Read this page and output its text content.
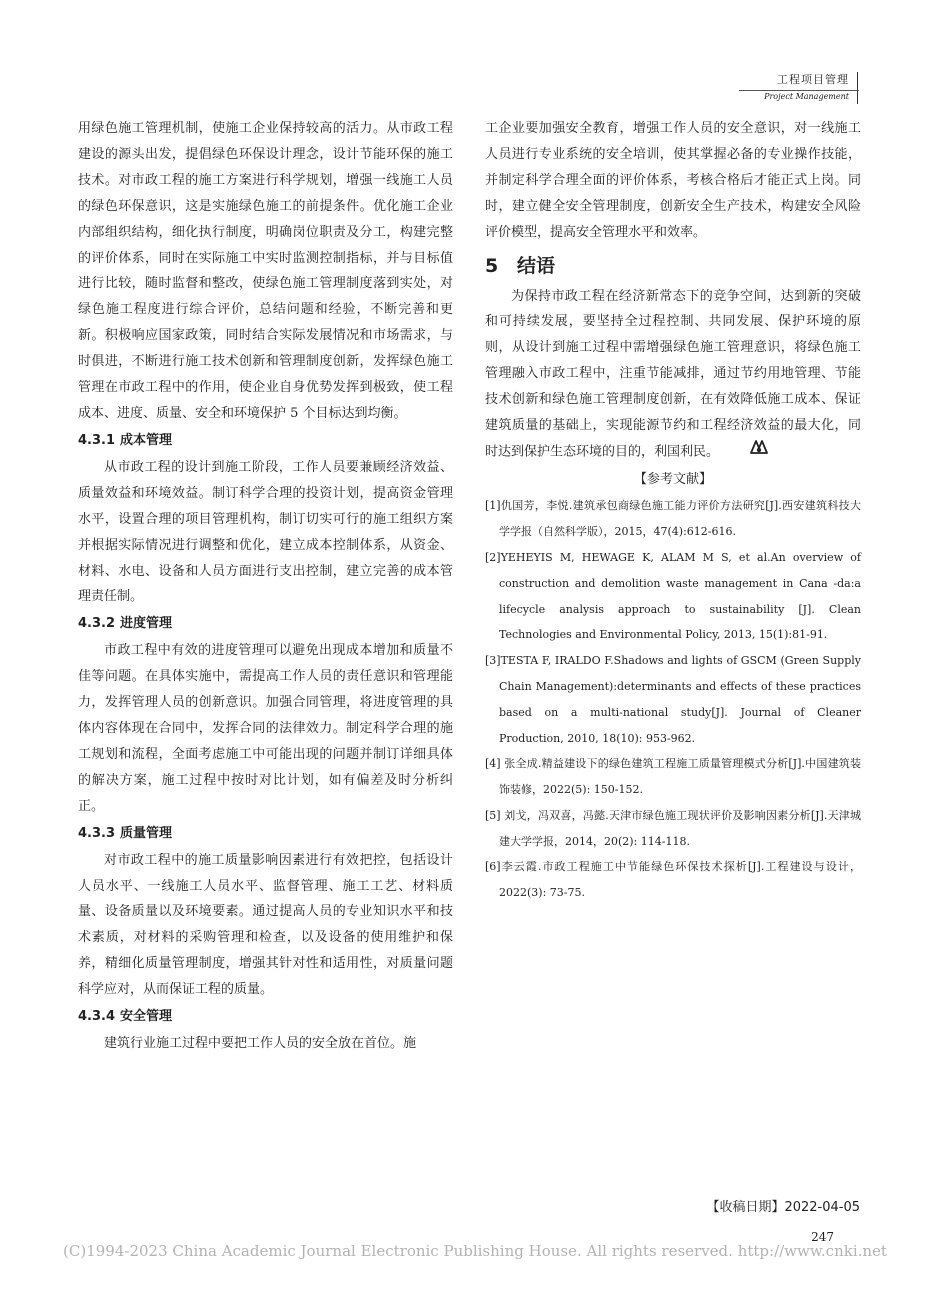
工程项目管理
Project Management

用绿色施工管理机制，使施工企业保持较高的活力。从市政工程建设的源头出发，提倡绿色环保设计理念，设计节能环保的施工技术。对市政工程的施工方案进行科学规划，增强一线施工人员的绿色环保意识，这是实施绿色施工的前提条件。优化施工企业内部组织结构，细化执行制度，明确岗位职责及分工，构建完整的评价体系，同时在实际施工中实时监测控制指标，并与目标值进行比较，随时监督和整改，使绿色施工管理制度落到实处，对绿色施工程度进行综合评价，总结问题和经验，不断完善和更新。积极响应国家政策，同时结合实际发展情况和市场需求，与时俱进，不断进行施工技术创新和管理制度创新，发挥绿色施工管理在市政工程中的作用，使企业自身优势发挥到极致，使工程成本、进度、质量、安全和环境保护 5 个目标达到均衡。

4.3.1 成本管理

从市政工程的设计到施工阶段，工作人员要兼顾经济效益、质量效益和环境效益。制订科学合理的投资计划，提高资金管理水平，设置合理的项目管理机构，制订切实可行的施工组织方案并根据实际情况进行调整和优化，建立成本控制体系，从资金、材料、水电、设备和人员方面进行支出控制，建立完善的成本管理责任制。

4.3.2 进度管理

市政工程中有效的进度管理可以避免出现成本增加和质量不佳等问题。在具体实施中，需提高工作人员的责任意识和管理能力，发挥管理人员的创新意识。加强合同管理，将进度管理的具体内容体现在合同中，发挥合同的法律效力。制定科学合理的施工规划和流程，全面考虑施工中可能出现的问题并制订详细具体的解决方案，施工过程中按时对比计划，如有偏差及时分析纠正。

4.3.3 质量管理

对市政工程中的施工质量影响因素进行有效把控，包括设计人员水平、一线施工人员水平、监督管理、施工工艺、材料质量、设备质量以及环境要素。通过提高人员的专业知识水平和技术素质，对材料的采购管理和检查，以及设备的使用维护和保养，精细化质量管理制度，增强其针对性和适用性，对质量问题科学应对，从而保证工程的质量。

4.3.4 安全管理

建筑行业施工过程中要把工作人员的安全放在首位。施

工企业要加强安全教育，增强工作人员的安全意识，对一线施工人员进行专业系统的安全培训，使其掌握必备的专业操作技能，并制定科学合理全面的评价体系，考核合格后才能正式上岗。同时，建立健全安全管理制度，创新安全生产技术，构建安全风险评价模型，提高安全管理水平和效率。

5 结语

为保持市政工程在经济新常态下的竞争空间，达到新的突破和可持续发展，要坚持全过程控制、共同发展、保护环境的原则，从设计到施工过程中需增强绿色施工管理意识，将绿色施工管理融入市政工程中，注重节能减排，通过节约用地管理、节能技术创新和绿色施工管理制度创新，在有效降低施工成本、保证建筑质量的基础上，实现能源节约和工程经济效益的最大化，同时达到保护生态环境的目的，利国利民。

【参考文献】
[1]仇国芳，李悦.建筑承包商绿色施工能力评价方法研究[J].西安建筑科技大学学报（自然科学版），2015，47(4):612-616.
[2]YEHEYIS M, HEWAGE K, ALAM M S, et al.An overview of construction and demolition waste management in Cana -da:a lifecycle analysis approach to sustainability [J]. Clean Technologies and Environmental Policy, 2013, 15(1):81-91.
[3]TESTA F, IRALDO F.Shadows and lights of GSCM (Green Supply Chain Management):determinants and effects of these practices based on a multi-national study[J]. Journal of Cleaner Production, 2010, 18(10): 953-962.
[4] 张全成.精益建设下的绿色建筑工程施工质量管理模式分析[J].中国建筑装饰装修，2022(5): 150-152.
[5] 刘戈，冯双喜，冯懿.天津市绿色施工现状评价及影响因素分析[J].天津城建大学学报，2014，20(2): 114-118.
[6]李云霞.市政工程施工中节能绿色环保技术探析[J].工程建设与设计，2022(3): 73-75.
【收稿日期】2022-04-05
247
(C)1994-2023 China Academic Journal Electronic Publishing House. All rights reserved. http://www.cnki.net
